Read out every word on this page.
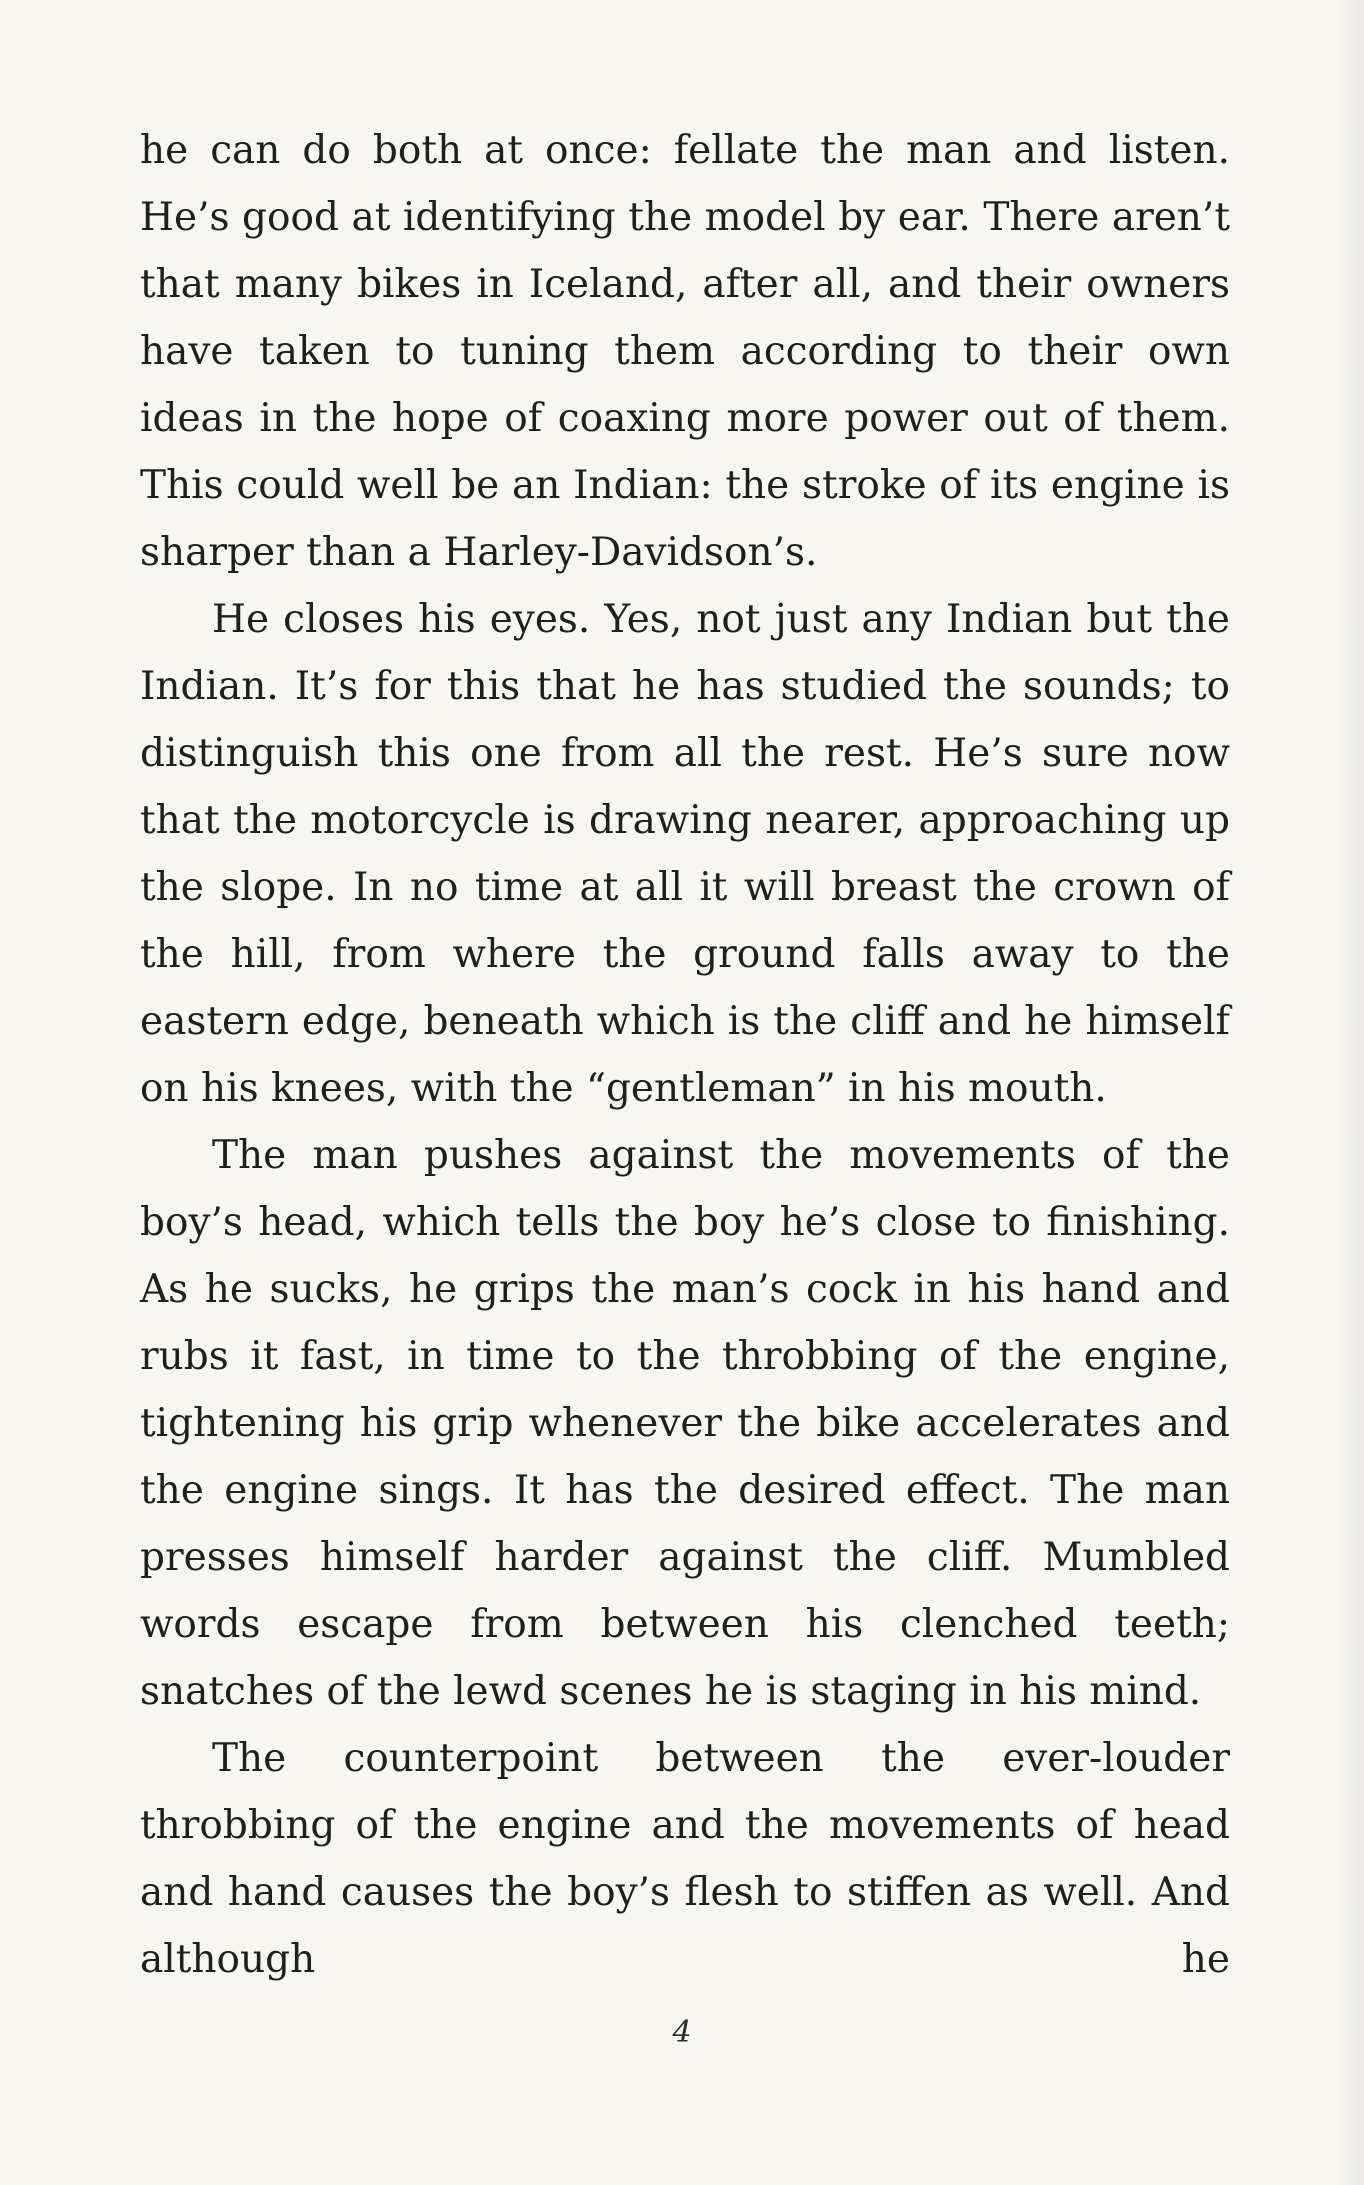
he can do both at once: fellate the man and listen. He’s good at identifying the model by ear. There aren’t that many bikes in Iceland, after all, and their owners have taken to tuning them according to their own ideas in the hope of coaxing more power out of them. This could well be an Indian: the stroke of its engine is sharper than a Harley-Davidson’s.

He closes his eyes. Yes, not just any Indian but the Indian. It’s for this that he has studied the sounds; to distinguish this one from all the rest. He’s sure now that the motorcycle is drawing nearer, approaching up the slope. In no time at all it will breast the crown of the hill, from where the ground falls away to the eastern edge, beneath which is the cliff and he himself on his knees, with the “gentleman” in his mouth.

The man pushes against the movements of the boy’s head, which tells the boy he’s close to finishing. As he sucks, he grips the man’s cock in his hand and rubs it fast, in time to the throbbing of the engine, tightening his grip whenever the bike accelerates and the engine sings. It has the desired effect. The man presses himself harder against the cliff. Mumbled words escape from between his clenched teeth; snatches of the lewd scenes he is staging in his mind.

The counterpoint between the ever-louder throbbing of the engine and the movements of head and hand causes the boy’s flesh to stiffen as well. And although he

4
